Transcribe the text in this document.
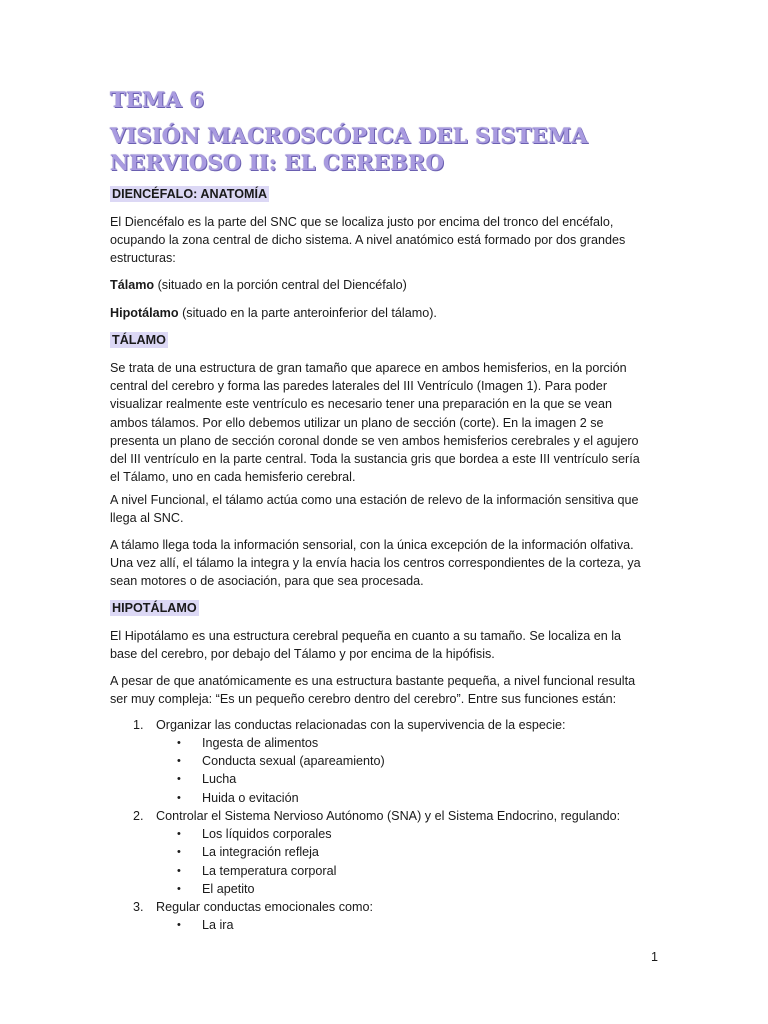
TEMA 6
VISIÓN MACROSCÓPICA DEL SISTEMA
NERVIOSO II: EL CEREBRO
DIENCÉFALO: ANATOMÍA
El Diencéfalo es la parte del SNC que se localiza justo por encima del tronco del encéfalo,
ocupando la zona central de dicho sistema. A nivel anatómico está formado por dos grandes
estructuras:
Tálamo (situado en la porción central del Diencéfalo)
Hipotálamo (situado en la parte anteroinferior del tálamo).
TÁLAMO
Se trata de una estructura de gran tamaño que aparece en ambos hemisferios, en la porción
central del cerebro y forma las paredes laterales del III Ventrículo (Imagen 1). Para poder
visualizar realmente este ventrículo es necesario tener una preparación en la que se vean
ambos tálamos. Por ello debemos utilizar un plano de sección (corte). En la imagen 2 se
presenta un plano de sección coronal donde se ven ambos hemisferios cerebrales y el agujero
del III ventrículo en la parte central. Toda la sustancia gris que bordea a este III ventrículo sería
el Tálamo, uno en cada hemisferio cerebral.
A nivel Funcional, el tálamo actúa como una estación de relevo de la información sensitiva que
llega al SNC.
A tálamo llega toda la información sensorial, con la única excepción de la información olfativa.
Una vez allí, el tálamo la integra y la envía hacia los centros correspondientes de la corteza, ya
sean motores o de asociación, para que sea procesada.
HIPOTÁLAMO
El Hipotálamo es una estructura cerebral pequeña en cuanto a su tamaño. Se localiza en la
base del cerebro, por debajo del Tálamo y por encima de la hipófisis.
A pesar de que anatómicamente es una estructura bastante pequeña, a nivel funcional resulta
ser muy compleja: “Es un pequeño cerebro dentro del cerebro”. Entre sus funciones están:
1. Organizar las conductas relacionadas con la supervivencia de la especie:
• Ingesta de alimentos
• Conducta sexual (apareamiento)
• Lucha
• Huida o evitación
2. Controlar el Sistema Nervioso Autónomo (SNA) y el Sistema Endocrino, regulando:
• Los líquidos corporales
• La integración refleja
• La temperatura corporal
• El apetito
3. Regular conductas emocionales como:
• La ira
1
